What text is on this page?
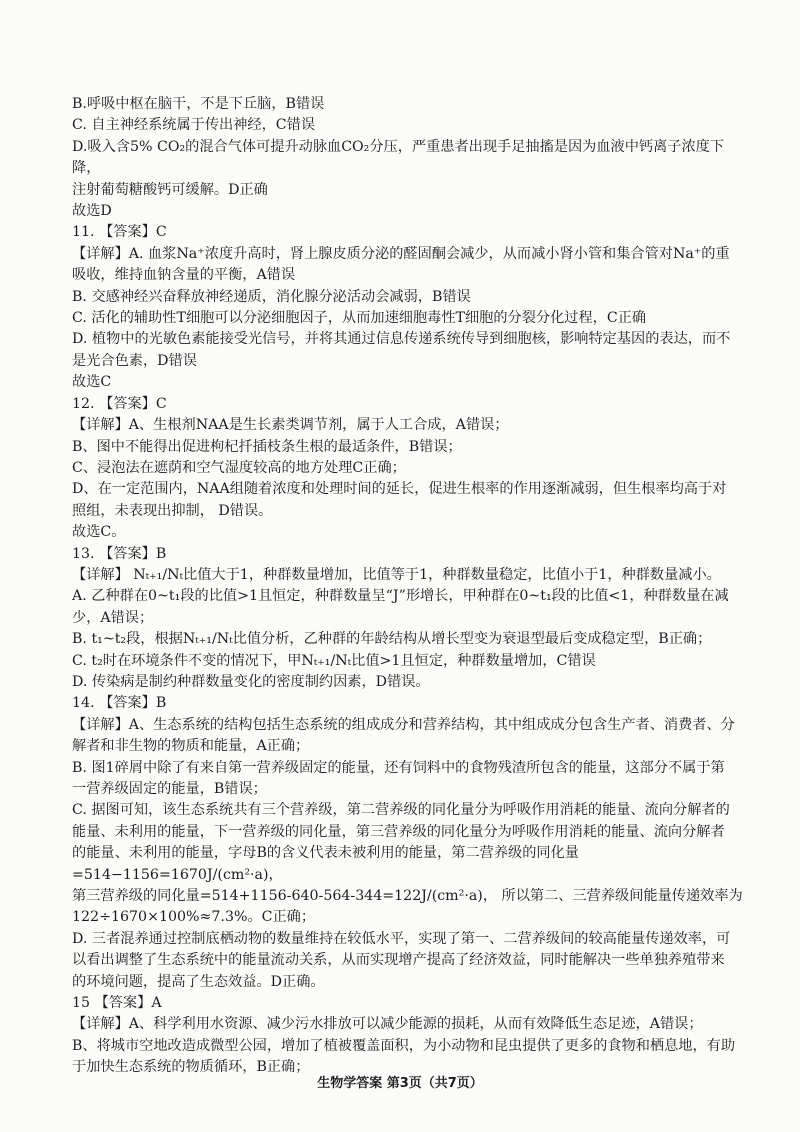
B.呼吸中枢在脑干，不是下丘脑，B错误

C. 自主神经系统属于传出神经，C错误

D.吸入含5% CO₂的混合气体可提升动脉血CO₂分压，严重患者出现手足抽搐是因为血液中钙离子浓度下降，

注射葡萄糖酸钙可缓解。D正确

故选D

11. 【答案】C

【详解】A. 血浆Na⁺浓度升高时，肾上腺皮质分泌的醛固酮会减少，从而减小肾小管和集合管对Na⁺的重

吸收，维持血钠含量的平衡，A错误

B. 交感神经兴奋释放神经递质，消化腺分泌活动会减弱，B错误

C. 活化的辅助性T细胞可以分泌细胞因子，从而加速细胞毒性T细胞的分裂分化过程，C正确

D. 植物中的光敏色素能接受光信号，并将其通过信息传递系统传导到细胞核，影响特定基因的表达，而不

是光合色素，D错误

故选C

12. 【答案】C

【详解】A、生根剂NAA是生长素类调节剂，属于人工合成，A错误；

B、图中不能得出促进枸杞扦插枝条生根的最适条件，B错误；

C、浸泡法在遮荫和空气湿度较高的地方处理C正确；

D、在一定范围内，NAA组随着浓度和处理时间的延长，促进生根率的作用逐渐减弱，但生根率均高于对

照组，未表现出抑制， D错误。

故选C。

13. 【答案】B

【详解】 Nₜ₊₁/Nₜ比值大于1，种群数量增加，比值等于1，种群数量稳定，比值小于1，种群数量减小。

A. 乙种群在0~t₁段的比值>1且恒定，种群数量呈“J”形增长，甲种群在0~t₁段的比值<1，种群数量在减

少，A错误；

B. t₁~t₂段，根据Nₜ₊₁/Nₜ比值分析，乙种群的年龄结构从增长型变为衰退型最后变成稳定型，B正确；

C. t₂时在环境条件不变的情况下，甲Nₜ₊₁/Nₜ比值>1且恒定，种群数量增加，C错误

D. 传染病是制约种群数量变化的密度制约因素，D错误。

14. 【答案】B

【详解】A、生态系统的结构包括生态系统的组成成分和营养结构，其中组成成分包含生产者、消费者、分

解者和非生物的物质和能量，A正确；

B. 图1碎屑中除了有来自第一营养级固定的能量，还有饲料中的食物残渣所包含的能量，这部分不属于第

一营养级固定的能量，B错误；

C. 据图可知，该生态系统共有三个营养级，第二营养级的同化量分为呼吸作用消耗的能量、流向分解者的

能量、未利用的能量，下一营养级的同化量，第三营养级的同化量分为呼吸作用消耗的能量、流向分解者

的能量、未利用的能量，字母B的含义代表未被利用的能量，第二营养级的同化量=514−1156=1670J/(cm²·a)，

第三营养级的同化量=514+1156-640-564-344=122J/(cm²·a)， 所以第二、三营养级间能量传递效率为

122÷1670×100%≈7.3%。C正确；

D. 三者混养通过控制底栖动物的数量维持在较低水平，实现了第一、二营养级间的较高能量传递效率，可

以看出调整了生态系统中的能量流动关系，从而实现增产提高了经济效益，同时能解决一些单独养殖带来

的环境问题，提高了生态效益。D正确。

15 【答案】A

【详解】A、科学利用水资源、减少污水排放可以减少能源的损耗，从而有效降低生态足迹，A错误；

B、将城市空地改造成微型公园，增加了植被覆盖面积，为小动物和昆虫提供了更多的食物和栖息地，有助

于加快生态系统的物质循环，B正确；

生物学答案 第3页（共7页）
